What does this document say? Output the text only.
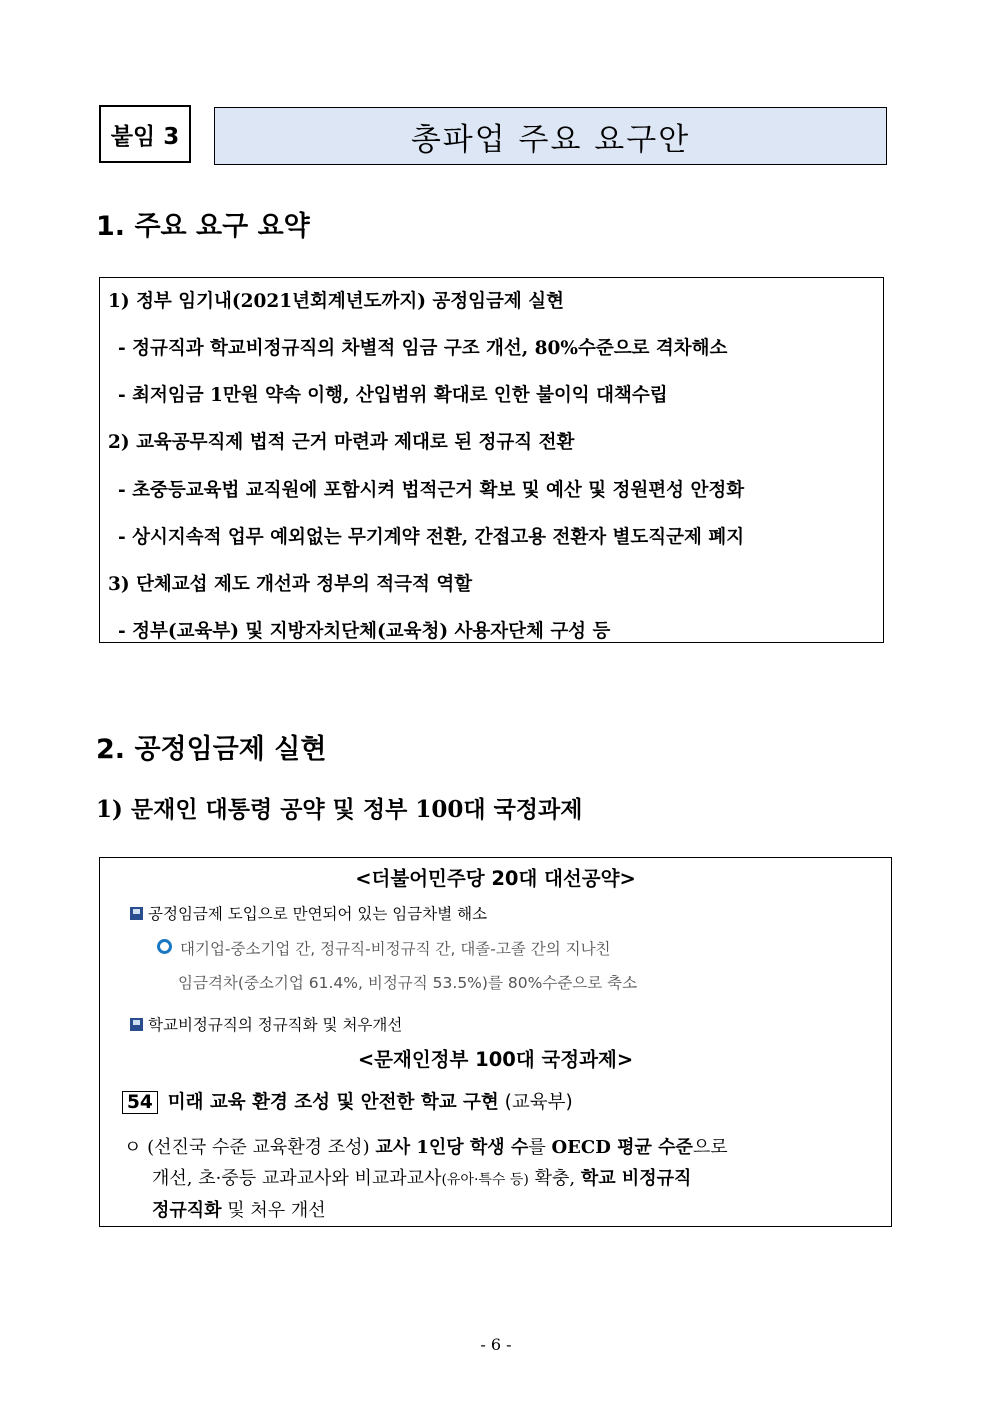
붙임 3	총파업 주요 요구안
1. 주요 요구 요약
1) 정부 임기내(2021년회계년도까지) 공정임금제 실현
- 정규직과 학교비정규직의 차별적 임금 구조 개선, 80%수준으로 격차해소
- 최저임금 1만원 약속 이행, 산입범위 확대로 인한 불이익 대책수립
2) 교육공무직제 법적 근거 마련과 제대로 된 정규직 전환
- 초중등교육법 교직원에 포함시켜 법적근거 확보 및 예산 및 정원편성 안정화
- 상시지속적 업무 예외없는 무기계약 전환, 간접고용 전환자 별도직군제 폐지
3) 단체교섭 제도 개선과 정부의 적극적 역할
- 정부(교육부) 및 지방자치단체(교육청) 사용자단체 구성 등
2. 공정임금제 실현
1) 문재인 대통령 공약 및 정부 100대 국정과제
<더불어민주당 20대 대선공약>
공정임금제 도입으로 만연되어 있는 임금차별 해소
대기업-중소기업 간, 정규직-비정규직 간, 대졸-고졸 간의 지나친
임금격차(중소기업 61.4%, 비정규직 53.5%)를 80%수준으로 축소
학교비정규직의 정규직화 및 처우개선
<문재인정부 100대 국정과제>
54 미래 교육 환경 조성 및 안전한 학교 구현 (교육부)
ㅇ (선진국 수준 교육환경 조성) 교사 1인당 학생 수를 OECD 평균 수준으로
개선, 초·중등 교과교사와 비교과교사(유아·특수 등) 확충, 학교 비정규직
정규직화 및 처우 개선
- 6 -
